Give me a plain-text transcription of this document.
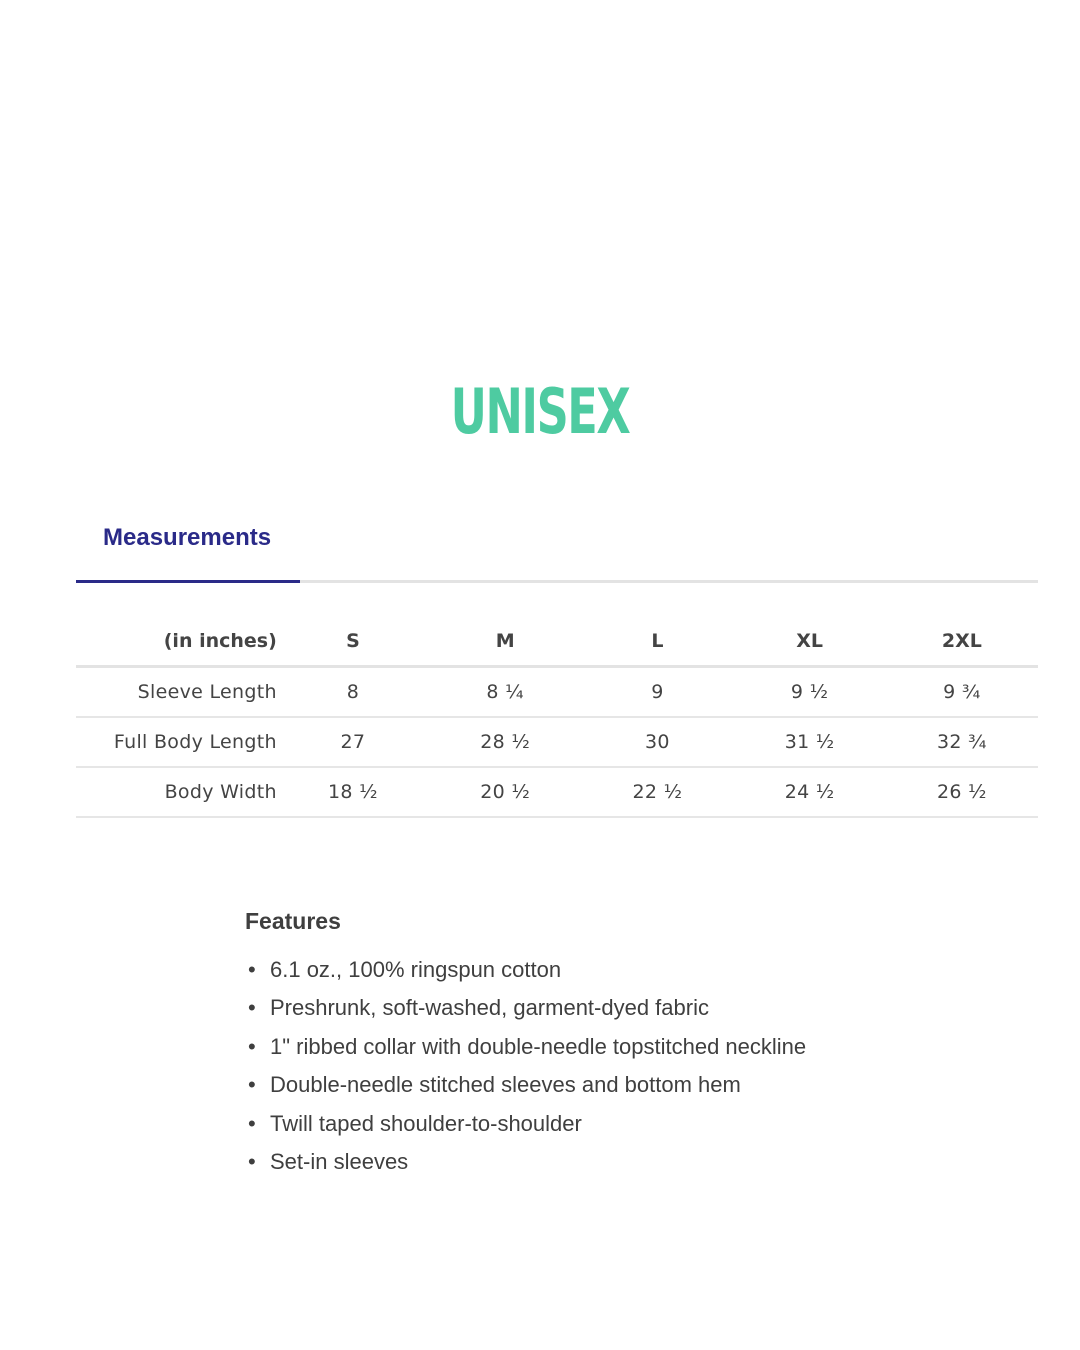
UNISEX
Measurements
(in inches)	S	M	L	XL	2XL
Sleeve Length	8	8 ¼	9	9 ½	9 ¾
Full Body Length	27	28 ½	30	31 ½	32 ¾
Body Width	18 ½	20 ½	22 ½	24 ½	26 ½
Features
• 6.1 oz., 100% ringspun cotton
• Preshrunk, soft-washed, garment-dyed fabric
• 1" ribbed collar with double-needle topstitched neckline
• Double-needle stitched sleeves and bottom hem
• Twill taped shoulder-to-shoulder
• Set-in sleeves
